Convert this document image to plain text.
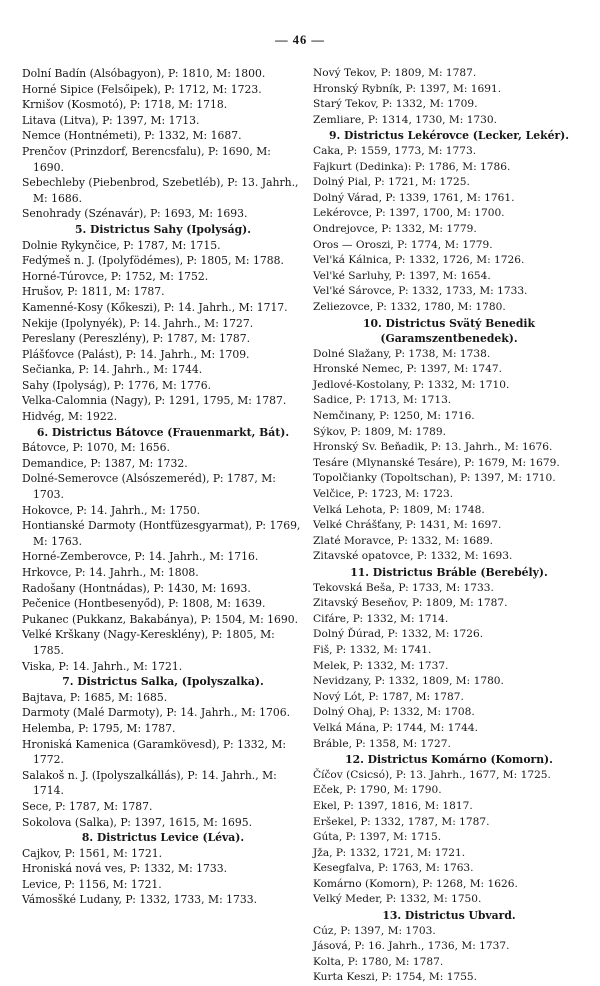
— 46 —
Dolní Badín (Alsóbagyon), P: 1810, M: 1800.
Horné Sipice (Felsőipek), P: 1712, M: 1723.
Krnišov (Kosmotó), P: 1718, M: 1718.
Litava (Litva), P: 1397, M: 1713.
Nemce (Hontnémeti), P: 1332, M: 1687.
Prenčov (Prinzdorf, Berencsfalu), P: 1690, M: 1690.
Sebechleby (Piebenbrod, Szebetléb), P: 13. Jahrh., M: 1686.
Senohrady (Szénavár), P: 1693, M: 1693.
5. Districtus Sahy (Ipolyság).
Dolnie Rykynčice, P: 1787, M: 1715.
Fedýmeš n. J. (Ipolyfödémes), P: 1805, M: 1788.
Horné-Túrovce, P: 1752, M: 1752.
Hrušov, P: 1811, M: 1787.
Kamenné-Kosy (Kőkeszi), P: 14. Jahrh., M: 1717.
Nekije (Ipolynyék), P: 14. Jahrh., M: 1727.
Pereslany (Pereszlény), P: 1787, M: 1787.
Plášťovce (Palást), P: 14. Jahrh., M: 1709.
Sečianka, P: 14. Jahrh., M: 1744.
Sahy (Ipolyság), P: 1776, M: 1776.
Velka-Calomnia (Nagy), P: 1291, 1795, M: 1787.
Hidvég, M: 1922.
6. Districtus Bátovce (Frauenmarkt, Bát).
Bátovce, P: 1070, M: 1656.
Demandice, P: 1387, M: 1732.
Dolné-Semerovce (Alsószemeréd), P: 1787, M: 1703.
Hokovce, P: 14. Jahrh., M: 1750.
Hontianské Darmoty (Hontfüzesgyarmat), P: 1769, M: 1763.
Horné-Zemberovce, P: 14. Jahrh., M: 1716.
Hrkovce, P: 14. Jahrh., M: 1808.
Radošany (Hontnádas), P: 1430, M: 1693.
Pečenice (Hontbesenyőd), P: 1808, M: 1639.
Pukanec (Pukkanz, Bakabánya), P: 1504, M: 1690.
Velké Krškany (Nagy-Keresklény), P: 1805, M: 1785.
Viska, P: 14. Jahrh., M: 1721.
7. Districtus Salka, (Ipolyszalka).
Bajtava, P: 1685, M: 1685.
Darmoty (Malé Darmoty), P: 14. Jahrh., M: 1706.
Helemba, P: 1795, M: 1787.
Hroniská Kamenica (Garamkövesd), P: 1332, M: 1772.
Salakoš n. J. (Ipolyszalkállás), P: 14. Jahrh., M: 1714.
Sece, P: 1787, M: 1787.
Sokolova (Salka), P: 1397, 1615, M: 1695.
8. Districtus Levice (Léva).
Cajkov, P: 1561, M: 1721.
Hroniská nová ves, P: 1332, M: 1733.
Levice, P: 1156, M: 1721.
Vámosšké Ludany, P: 1332, 1733, M: 1733.
Nový Tekov, P: 1809, M: 1787.
Hronský Rybník, P: 1397, M: 1691.
Starý Tekov, P: 1332, M: 1709.
Zemliare, P: 1314, 1730, M: 1730.
9. Districtus Lekérovce (Lecker, Lekér).
Caka, P: 1559, 1773, M: 1773.
Fajkurt (Dedinka): P: 1786, M: 1786.
Dolný Pial, P: 1721, M: 1725.
Dolný Várad, P: 1339, 1761, M: 1761.
Lekérovce, P: 1397, 1700, M: 1700.
Ondrejovce, P: 1332, M: 1779.
Oros — Oroszi, P: 1774, M: 1779.
Vel'ká Kálnica, P: 1332, 1726, M: 1726.
Vel'ké Sarluhy, P: 1397, M: 1654.
Vel'ké Sárovce, P: 1332, 1733, M: 1733.
Zeliezovce, P: 1332, 1780, M: 1780.
10. Districtus Svätý Benedik (Garamszentbenedek).
Dolné Slažany, P: 1738, M: 1738.
Hronské Nemec, P: 1397, M: 1747.
Jedlové-Kostolany, P: 1332, M: 1710.
Sadice, P: 1713, M: 1713.
Nemčinany, P: 1250, M: 1716.
Sýkov, P: 1809, M: 1789.
Hronský Sv. Beňadik, P: 13. Jahrh., M: 1676.
Tesáre (Mlynanské Tesáre), P: 1679, M: 1679.
Topolčianky (Topoltschan), P: 1397, M: 1710.
Velčice, P: 1723, M: 1723.
Velká Lehota, P: 1809, M: 1748.
Velké Chrášťany, P: 1431, M: 1697.
Zlaté Moravce, P: 1332, M: 1689.
Zitavské opatovce, P: 1332, M: 1693.
11. Districtus Bráble (Berebély).
Tekovská Beša, P: 1733, M: 1733.
Zitavský Beseňov, P: 1809, M: 1787.
Cifáre, P: 1332, M: 1714.
Dolný Ďúrad, P: 1332, M: 1726.
Fiš, P: 1332, M: 1741.
Melek, P: 1332, M: 1737.
Nevidzany, P: 1332, 1809, M: 1780.
Nový Lót, P: 1787, M: 1787.
Dolný Ohaj, P: 1332, M: 1708.
Velká Mána, P: 1744, M: 1744.
Bráble, P: 1358, M: 1727.
12. Districtus Komárno (Komorn).
Číčov (Csicsó), P: 13. Jahrh., 1677, M: 1725.
Eček, P: 1790, M: 1790.
Ekel, P: 1397, 1816, M: 1817.
Eršekel, P: 1332, 1787, M: 1787.
Gúta, P: 1397, M: 1715.
Jža, P: 1332, 1721, M: 1721.
Kesegfalva, P: 1763, M: 1763.
Komárno (Komorn), P: 1268, M: 1626.
Velký Meder, P: 1332, M: 1750.
13. Districtus Ubvard.
Cúz, P: 1397, M: 1703.
Jásová, P: 16. Jahrh., 1736, M: 1737.
Kolta, P: 1780, M: 1787.
Kurta Keszi, P: 1754, M: 1755.
